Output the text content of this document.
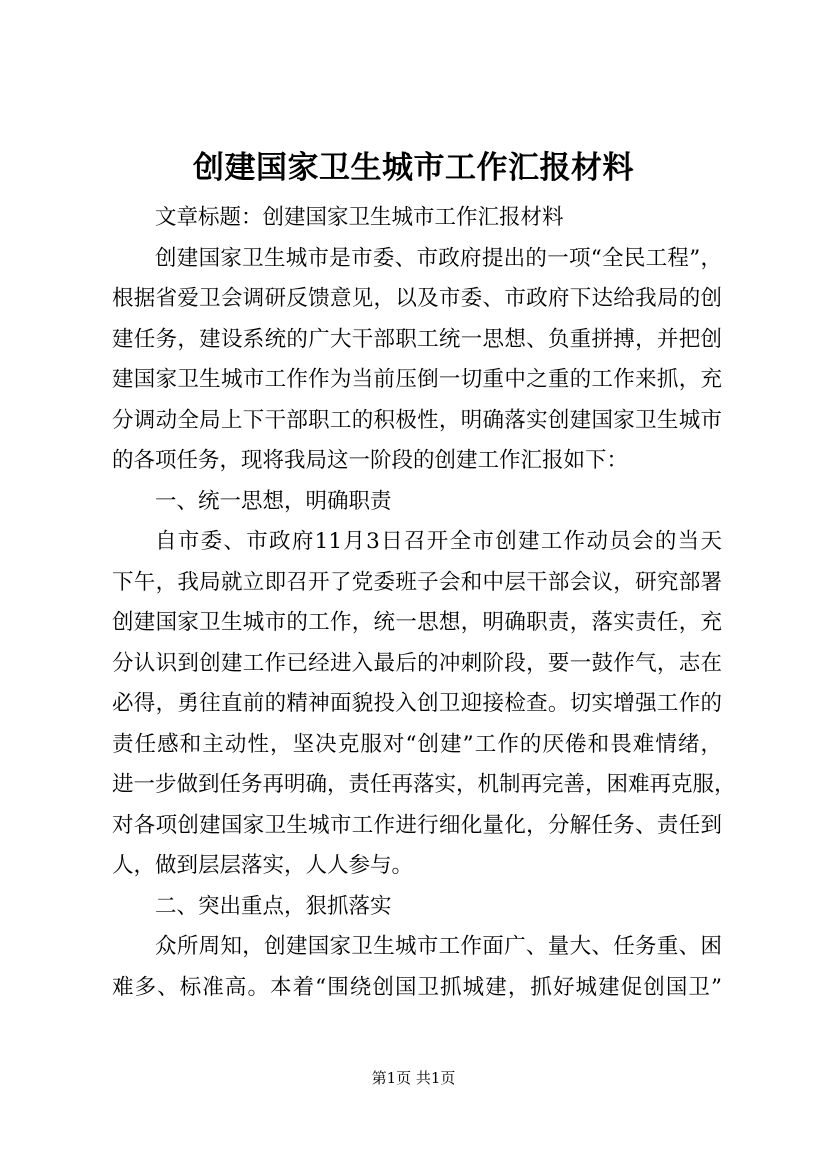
创建国家卫生城市工作汇报材料
文章标题：创建国家卫生城市工作汇报材料
创建国家卫生城市是市委、市政府提出的一项“全民工程”，
根据省爱卫会调研反馈意见，以及市委、市政府下达给我局的创
建任务，建设系统的广大干部职工统一思想、负重拼搏，并把创
建国家卫生城市工作作为当前压倒一切重中之重的工作来抓，充
分调动全局上下干部职工的积极性，明确落实创建国家卫生城市
的各项任务，现将我局这一阶段的创建工作汇报如下：
一、统一思想，明确职责
自市委、市政府11月3日召开全市创建工作动员会的当天
下午，我局就立即召开了党委班子会和中层干部会议，研究部署
创建国家卫生城市的工作，统一思想，明确职责，落实责任，充
分认识到创建工作已经进入最后的冲刺阶段，要一鼓作气，志在
必得，勇往直前的精神面貌投入创卫迎接检查。切实增强工作的
责任感和主动性，坚决克服对“创建”工作的厌倦和畏难情绪，
进一步做到任务再明确，责任再落实，机制再完善，困难再克服，
对各项创建国家卫生城市工作进行细化量化，分解任务、责任到
人，做到层层落实，人人参与。
二、突出重点，狠抓落实
众所周知，创建国家卫生城市工作面广、量大、任务重、困
难多、标准高。本着“围绕创国卫抓城建，抓好城建促创国卫”
第1页 共1页
